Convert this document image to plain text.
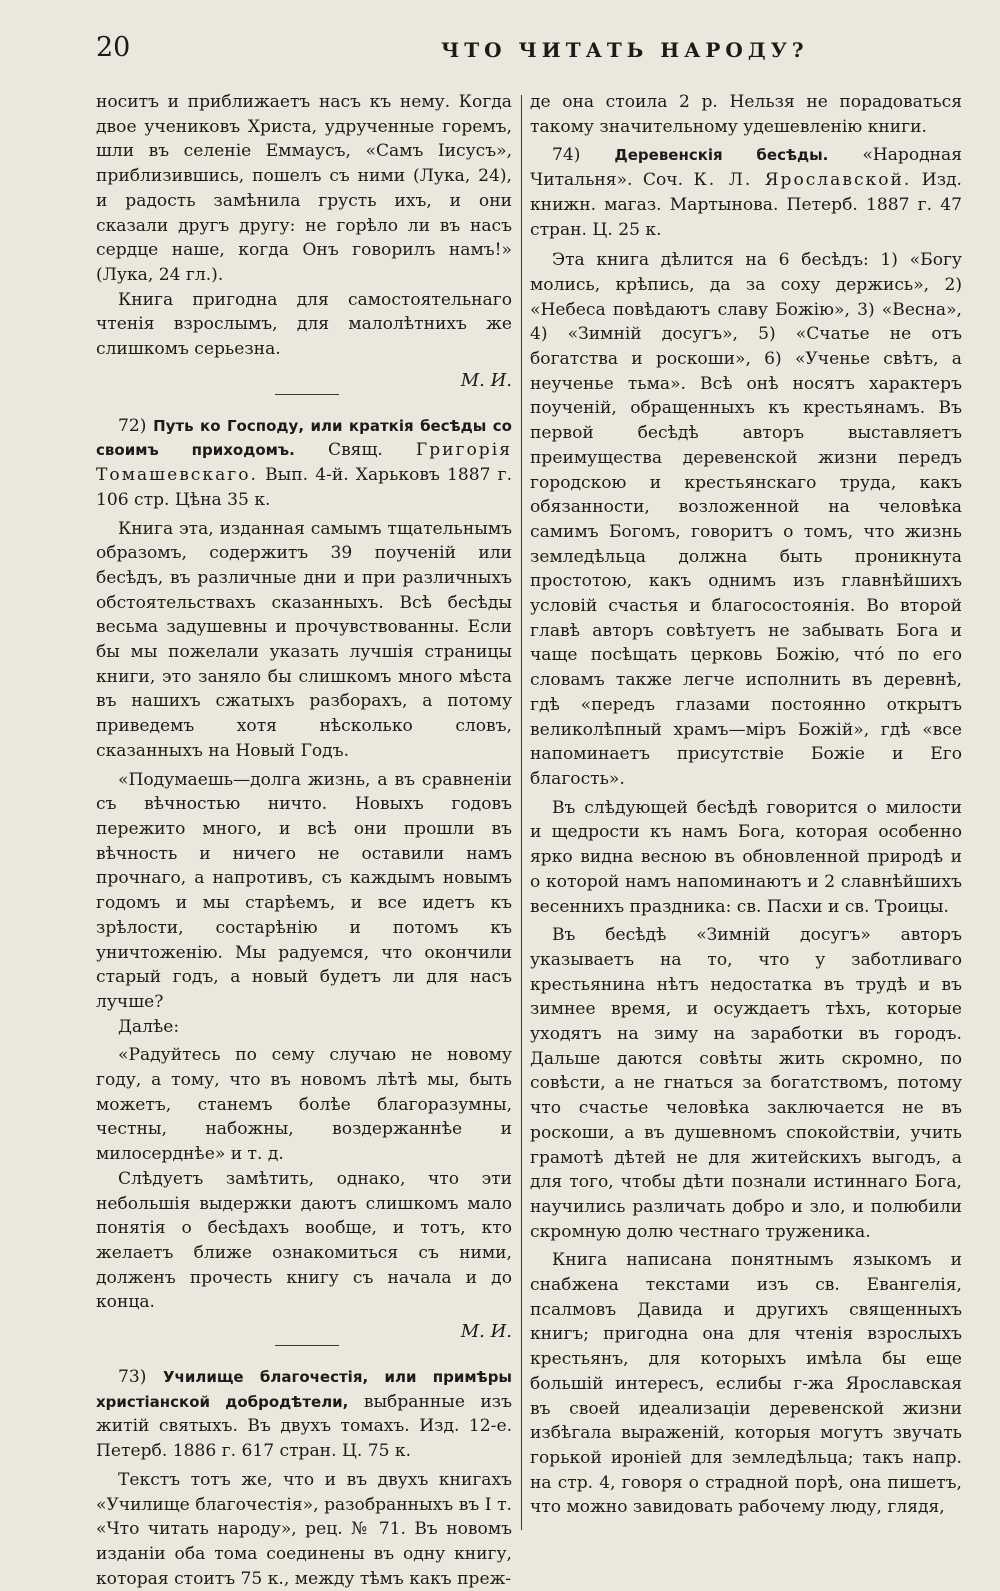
20	ЧТО ЧИТАТЬ НАРОДУ?

носитъ и приближаетъ насъ къ нему. Когда двое учениковъ Христа, удрученные горемъ, шли въ селеніе Еммаусъ, «Самъ Іисусъ», приблизившись, пошелъ съ ними (Лука, 24), и радость замѣнила грусть ихъ, и они сказали другъ другу: не горѣло ли въ насъ сердце наше, когда Онъ говорилъ намъ!» (Лука, 24 гл.).

Книга пригодна для самостоятельнаго чтенія взрослымъ, для малолѣтнихъ же слишкомъ серьезна.

М. И.

72) Путь ко Господу, или краткія бесѣды со своимъ приходомъ. Свящ. Григорія Томашевскаго. Вып. 4-й. Харьковъ 1887 г. 106 стр. Цѣна 35 к.

Книга эта, изданная самымъ тщательнымъ образомъ, содержитъ 39 поученій или бесѣдъ, въ различные дни и при различныхъ обстоятельствахъ сказанныхъ. Всѣ бесѣды весьма задушевны и прочувствованны. Если бы мы пожелали указать лучшія страницы книги, это заняло бы слишкомъ много мѣста въ нашихъ сжатыхъ разборахъ, а потому приведемъ хотя нѣсколько словъ, сказанныхъ на Новый Годъ.

«Подумаешь—долга жизнь, а въ сравненіи съ вѣчностью ничто. Новыхъ годовъ пережито много, и всѣ они прошли въ вѣчность и ничего не оставили намъ прочнаго, а напротивъ, съ каждымъ новымъ годомъ и мы старѣемъ, и все идетъ къ зрѣлости, состарѣнію и потомъ къ уничтоженію. Мы радуемся, что окончили старый годъ, а новый будетъ ли для насъ лучше?

Далѣе:

«Радуйтесь по сему случаю не новому году, а тому, что въ новомъ лѣтѣ мы, быть можетъ, станемъ болѣе благоразумны, честны, набожны, воздержаннѣе и милосерднѣе» и т. д.

Слѣдуетъ замѣтить, однако, что эти небольшія выдержки даютъ слишкомъ мало понятія о бесѣдахъ вообще, и тотъ, кто желаетъ ближе ознакомиться съ ними, долженъ прочесть книгу съ начала и до конца.

М. И.

73) Училище благочестія, или примѣры христіанской добродѣтели, выбранные изъ житій святыхъ. Въ двухъ томахъ. Изд. 12-е. Петерб. 1886 г. 617 стран. Ц. 75 к.

Текстъ тотъ же, что и въ двухъ книгахъ «Училище благочестія», разобранныхъ въ І т. «Что читать народу», рец. № 71. Въ новомъ изданіи оба тома соединены въ одну книгу, которая стоитъ 75 к., между тѣмъ какъ преж-

де она стоила 2 р. Нельзя не порадоваться такому значительному удешевленію книги.

74) Деревенскія бесѣды. «Народная Читальня». Соч. К. Л. Ярославской. Изд. книжн. магаз. Мартынова. Петерб. 1887 г. 47 стран. Ц. 25 к.

Эта книга дѣлится на 6 бесѣдъ: 1) «Богу молись, крѣпись, да за соху держись», 2) «Небеса повѣдаютъ славу Божію», 3) «Весна», 4) «Зимній досугъ», 5) «Счатье не отъ богатства и роскоши», 6) «Ученье свѣтъ, а неученье тьма». Всѣ онѣ носятъ характеръ поученій, обращенныхъ къ крестьянамъ. Въ первой бесѣдѣ авторъ выставляетъ преимущества деревенской жизни передъ городскою и крестьянскаго труда, какъ обязанности, возложенной на человѣка самимъ Богомъ, говоритъ о томъ, что жизнь земледѣльца должна быть проникнута простотою, какъ однимъ изъ главнѣйшихъ условій счастья и благосостоянія. Во второй главѣ авторъ совѣтуетъ не забывать Бога и чаще посѣщать церковь Божію, чтó по его словамъ также легче исполнить въ деревнѣ, гдѣ «передъ глазами постоянно открытъ великолѣпный храмъ—міръ Божій», гдѣ «все напоминаетъ присутствіе Божіе и Его благость».

Въ слѣдующей бесѣдѣ говорится о милости и щедрости къ намъ Бога, которая особенно ярко видна весною въ обновленной природѣ и о которой намъ напоминаютъ и 2 славнѣйшихъ весеннихъ праздника: св. Пасхи и св. Троицы.

Въ бесѣдѣ «Зимній досугъ» авторъ указываетъ на то, что у заботливаго крестьянина нѣтъ недостатка въ трудѣ и въ зимнее время, и осуждаетъ тѣхъ, которые уходятъ на зиму на заработки въ городъ. Дальше даются совѣты жить скромно, по совѣсти, а не гнаться за богатствомъ, потому что счастье человѣка заключается не въ роскоши, а въ душевномъ спокойствіи, учить грамотѣ дѣтей не для житейскихъ выгодъ, а для того, чтобы дѣти познали истиннаго Бога, научились различать добро и зло, и полюбили скромную долю честнаго труженика.

Книга написана понятнымъ языкомъ и снабжена текстами изъ св. Евангелія, псалмовъ Давида и другихъ священныхъ книгъ; пригодна она для чтенія взрослыхъ крестьянъ, для которыхъ имѣла бы еще большій интересъ, еслибы г-жа Ярославская въ своей идеализаціи деревенской жизни избѣгала выраженій, которыя могутъ звучать горькой иронiей для земледѣльца; такъ напр. на стр. 4, говоря о страдной порѣ, она пишетъ, что можно завидовать рабочему люду, глядя,
